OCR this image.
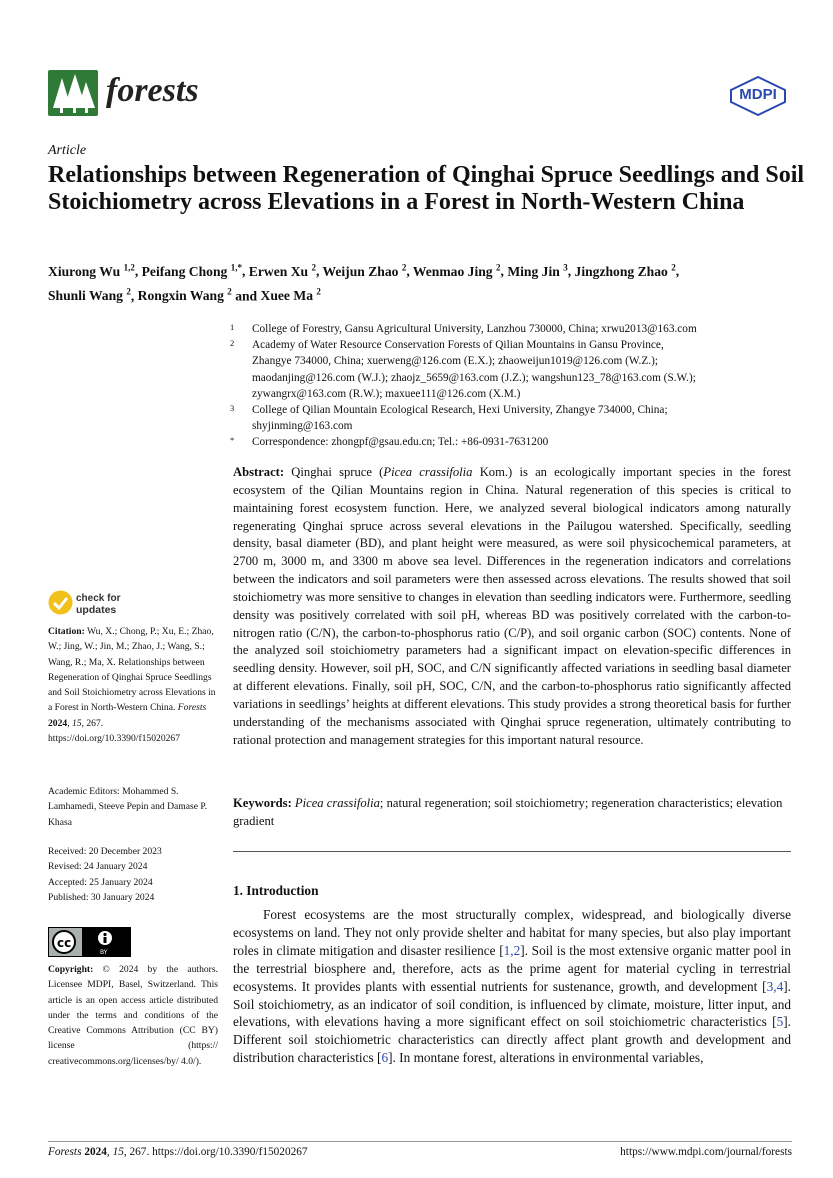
forests	MDPI
Article
Relationships between Regeneration of Qinghai Spruce Seedlings and Soil Stoichiometry across Elevations in a Forest in North-Western China
Xiurong Wu $^{1,2}$, Peifang Chong $^{1,*}$, Erwen Xu $^2$, Weijun Zhao $^2$, Wenmao Jing $^2$, Ming Jin $^3$, Jingzhong Zhao $^2$,
Shunli Wang $^2$, Rongxin Wang $^2$ and Xuee Ma $^2$
1 College of Forestry, Gansu Agricultural University, Lanzhou 730000, China; xrwu2013@163.com
2 Academy of Water Resource Conservation Forests of Qilian Mountains in Gansu Province,
Zhangye 734000, China; xuerweng@126.com (E.X.); zhaoweijun1019@126.com (W.Z.);
maodanjing@126.com (W.J.); zhaojz_5659@163.com (J.Z.); wangshun123_78@163.com (S.W.);
zywangrx@163.com (R.W.); maxuee111@126.com (X.M.)
3 College of Qilian Mountain Ecological Research, Hexi University, Zhangye 734000, China;
shyjinming@163.com
* Correspondence: zhongpf@gsau.edu.cn; Tel.: +86-0931-7631200
Abstract: Qinghai spruce (Picea crassifolia Kom.) is an ecologically important species in the forest ecosystem of the Qilian Mountains region in China. Natural regeneration of this species is critical to maintaining forest ecosystem function. Here, we analyzed several biological indicators among naturally regenerating Qinghai spruce across several elevations in the Pailugou watershed. Specifically, seedling density, basal diameter (BD), and plant height were measured, as were soil physicochemical parameters, at 2700 m, 3000 m, and 3300 m above sea level. Differences in the regeneration indicators and correlations between the indicators and soil parameters were then assessed across elevations. The results showed that soil stoichiometry was more sensitive to changes in elevation than seedling indicators were. Furthermore, seedling density was positively correlated with soil pH, whereas BD was positively correlated with the carbon-to-nitrogen ratio (C/N), the carbon-to-phosphorus ratio (C/P), and soil organic carbon (SOC) contents. None of the analyzed soil stoichiometry parameters had a significant impact on elevation-specific differences in seedling density. However, soil pH, SOC, and C/N significantly affected variations in seedling basal diameter at different elevations. Finally, soil pH, SOC, C/N, and the carbon-to-phosphorus ratio significantly affected variations in seedlings’ heights at different elevations. This study provides a strong theoretical basis for further understanding of the mechanisms associated with Qinghai spruce regeneration, ultimately contributing to rational protection and management strategies for this important natural resource.
Keywords: Picea crassifolia; natural regeneration; soil stoichiometry; regeneration characteristics; elevation gradient
1. Introduction
Forest ecosystems are the most structurally complex, widespread, and biologically diverse ecosystems on land. They not only provide shelter and habitat for many species, but also play important roles in climate mitigation and disaster resilience [1,2]. Soil is the most extensive organic matter pool in the terrestrial biosphere and, therefore, acts as the prime agent for material cycling in terrestrial ecosystems. It provides plants with essential nutrients for sustenance, growth, and development [3,4]. Soil stoichiometry, as an indicator of soil condition, is influenced by climate, moisture, litter input, and elevations, with elevations having a more significant effect on soil stoichiometric characteristics [5]. Different soil stoichiometric characteristics can directly affect plant growth and development and distribution characteristics [6]. In montane forest, alterations in environmental variables,
check for
updates
Citation: Wu, X.; Chong, P.; Xu, E.; Zhao, W.; Jing, W.; Jin, M.; Zhao, J.; Wang, S.; Wang, R.; Ma, X. Relationships between Regeneration of Qinghai Spruce Seedlings and Soil Stoichiometry across Elevations in a Forest in North-Western China. Forests 2024, 15, 267. https://doi.org/10.3390/f15020267
Academic Editors: Mohammed S. Lamhamedi, Steeve Pepin and Damase P. Khasa
Received: 20 December 2023
Revised: 24 January 2024
Accepted: 25 January 2024
Published: 30 January 2024
cc
BY
Copyright: © 2024 by the authors. Licensee MDPI, Basel, Switzerland. This article is an open access article distributed under the terms and conditions of the Creative Commons Attribution (CC BY) license (https:// creativecommons.org/licenses/by/ 4.0/).
Forests 2024, 15, 267. https://doi.org/10.3390/f15020267	https://www.mdpi.com/journal/forests
